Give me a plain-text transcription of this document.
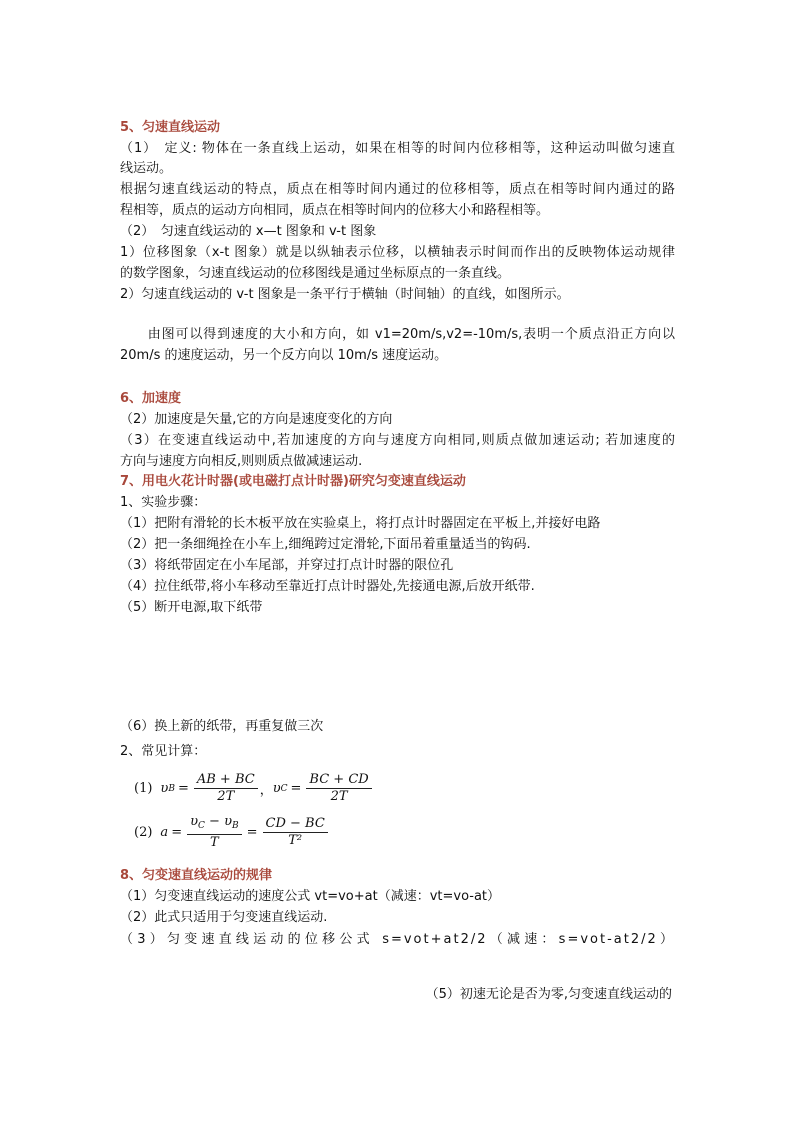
5、匀速直线运动

（1）　定义: 物体在一条直线上运动，如果在相等的时间内位移相等，这种运动叫做匀速直

线运动。

根据匀速直线运动的特点，质点在相等时间内通过的位移相等，质点在相等时间内通过的路

程相等，质点的运动方向相同，质点在相等时间内的位移大小和路程相等。

（2）　匀速直线运动的 x—t 图象和 v-t 图象

1）位移图象（x-t 图象）就是以纵轴表示位移，以横轴表示时间而作出的反映物体运动规律

的数学图象，匀速直线运动的位移图线是通过坐标原点的一条直线。

2）匀速直线运动的 v-t 图象是一条平行于横轴（时间轴）的直线，如图所示。

　　由图可以得到速度的大小和方向，如 v1=20m/s,v2=-10m/s,表明一个质点沿正方向以

20m/s 的速度运动，另一个反方向以 10m/s 速度运动。

6、加速度

（2）加速度是矢量,它的方向是速度变化的方向

（3）在变速直线运动中,若加速度的方向与速度方向相同,则质点做加速运动; 若加速度的

方向与速度方向相反,则则质点做减速运动.

7、用电火花计时器(或电磁打点计时器)研究匀变速直线运动

1、实验步骤：

（1）把附有滑轮的长木板平放在实验桌上，将打点计时器固定在平板上,并接好电路

（2）把一条细绳拴在小车上,细绳跨过定滑轮,下面吊着重量适当的钩码.

（3）将纸带固定在小车尾部，并穿过打点计时器的限位孔

（4）拉住纸带,将小车移动至靠近打点计时器处,先接通电源,后放开纸带.

（5）断开电源,取下纸带

（6）换上新的纸带，再重复做三次

2、常见计算：

(1) υ $B = \frac{AB + BC}{2T}$ ， υ $C = \frac{BC + CD}{2T}$
(2) $a = \frac{\upsilon_C - \upsilon_B}{T} = \frac{CD - BC}{\text{T²}}$

8、匀变速直线运动的规律

（1）匀变速直线运动的速度公式 vt=vo+at（减速：vt=vo-at）

（2）此式只适用于匀变速直线运动.

（3）匀变速直线运动的位移公式 s=vot+at2/2（减速：s=vot-at2/2）

（5）初速无论是否为零,匀变速直线运动的
